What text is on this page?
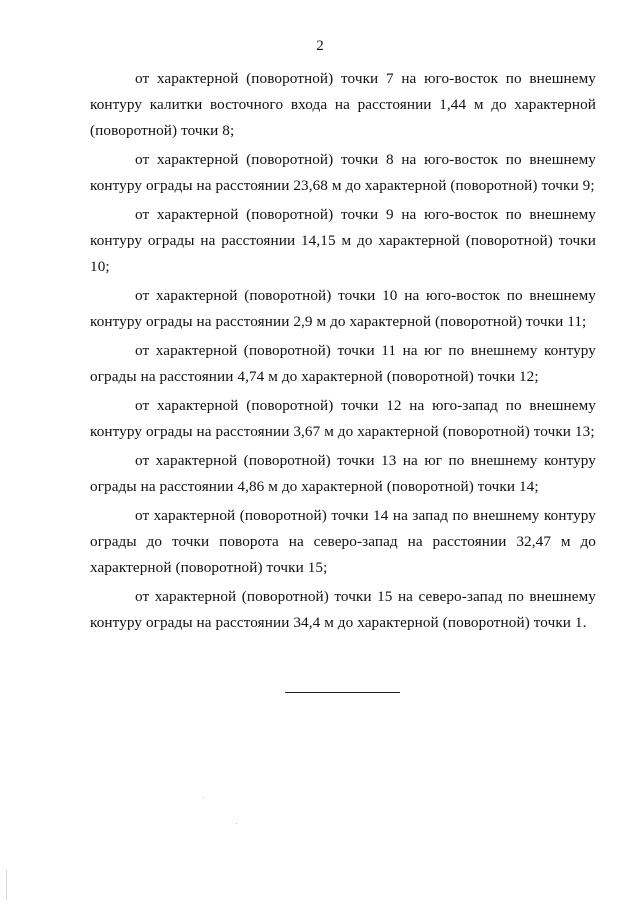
2

от характерной (поворотной) точки 7 на юго-восток по внешнему контуру калитки восточного входа на расстоянии 1,44 м до характерной (поворотной) точки 8;

от характерной (поворотной) точки 8 на юго-восток по внешнему контуру ограды на расстоянии 23,68 м до характерной (поворотной) точки 9;

от характерной (поворотной) точки 9 на юго-восток по внешнему контуру ограды на расстоянии 14,15 м до характерной (поворотной) точки 10;

от характерной (поворотной) точки 10 на юго-восток по внешнему контуру ограды на расстоянии 2,9 м до характерной (поворотной) точки 11;

от характерной (поворотной) точки 11 на юг по внешнему контуру ограды на расстоянии 4,74 м до характерной (поворотной) точки 12;

от характерной (поворотной) точки 12 на юго-запад по внешнему контуру ограды на расстоянии 3,67 м до характерной (поворотной) точки 13;

от характерной (поворотной) точки 13 на юг по внешнему контуру ограды на расстоянии 4,86 м до характерной (поворотной) точки 14;

от характерной (поворотной) точки 14 на запад по внешнему контуру ограды до точки поворота на северо-запад на расстоянии 32,47 м до характерной (поворотной) точки 15;

от характерной (поворотной) точки 15 на северо-запад по внешнему контуру ограды на расстоянии 34,4 м до характерной (поворотной) точки 1.
